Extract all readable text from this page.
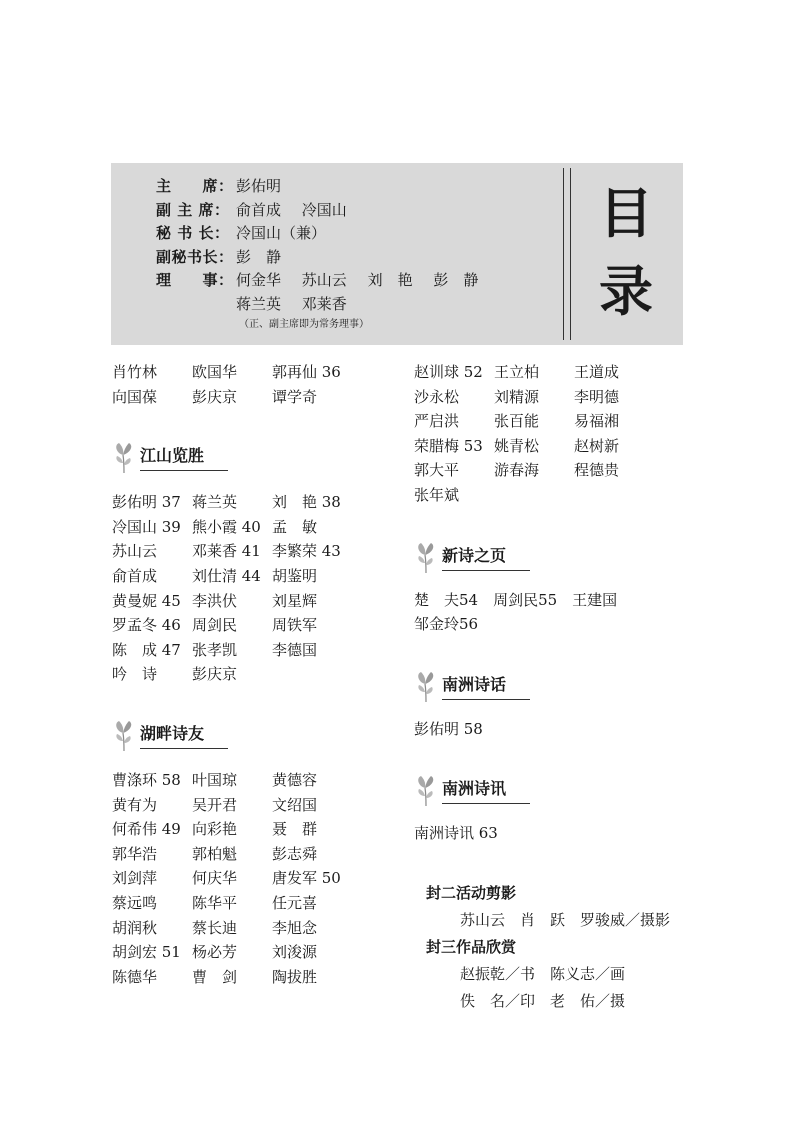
主　　席： 彭佑明
副 主 席： 俞首成 冷国山
秘 书 长： 冷国山（兼）
副秘书长： 彭　静
理　　事： 何金华 苏山云 刘　艳 彭　静
蒋兰英 邓莱香
（正、副主席即为常务理事）
目
录
肖竹林	欧国华	郭再仙 36
向国葆	彭庆京	谭学奇
江山览胜
彭佑明 37 蒋兰英	刘　艳 38
冷国山 39 熊小霞 40 孟　敏
苏山云	邓莱香 41 李繁荣 43
俞首成	刘仕清 44 胡鉴明
黄曼妮 45 李洪伏	刘星辉
罗孟冬 46 周剑民	周铁军
陈　成 47 张孝凯	李德国
吟　诗	彭庆京
湖畔诗友
曹涤环 58 叶国琼	黄德容
黄有为	吴开君	文绍国
何希伟 49 向彩艳	聂　群
郭华浩	郭柏魁	彭志舜
刘剑萍	何庆华	唐发军 50
蔡远鸣	陈华平	任元喜
胡润秋	蔡长迪	李旭念
胡剑宏 51 杨必芳	刘浚源
陈德华	曹　剑	陶拔胜
赵训球 52 王立柏	王道成
沙永松	刘精源	李明德
严启洪	张百能	易福湘
荣腊梅 53 姚青松	赵树新
郭大平	游春海	程德贵
张年斌
新诗之页
楚　夫54　周剑民55　王建国
邹金玲56
南洲诗话
彭佑明 58
南洲诗讯
南洲诗讯 63
封二活动剪影
苏山云　肖　跃　罗骏威／摄影
封三作品欣赏
赵振乾／书　陈义志／画
佚　名／印　老　佑／摄
